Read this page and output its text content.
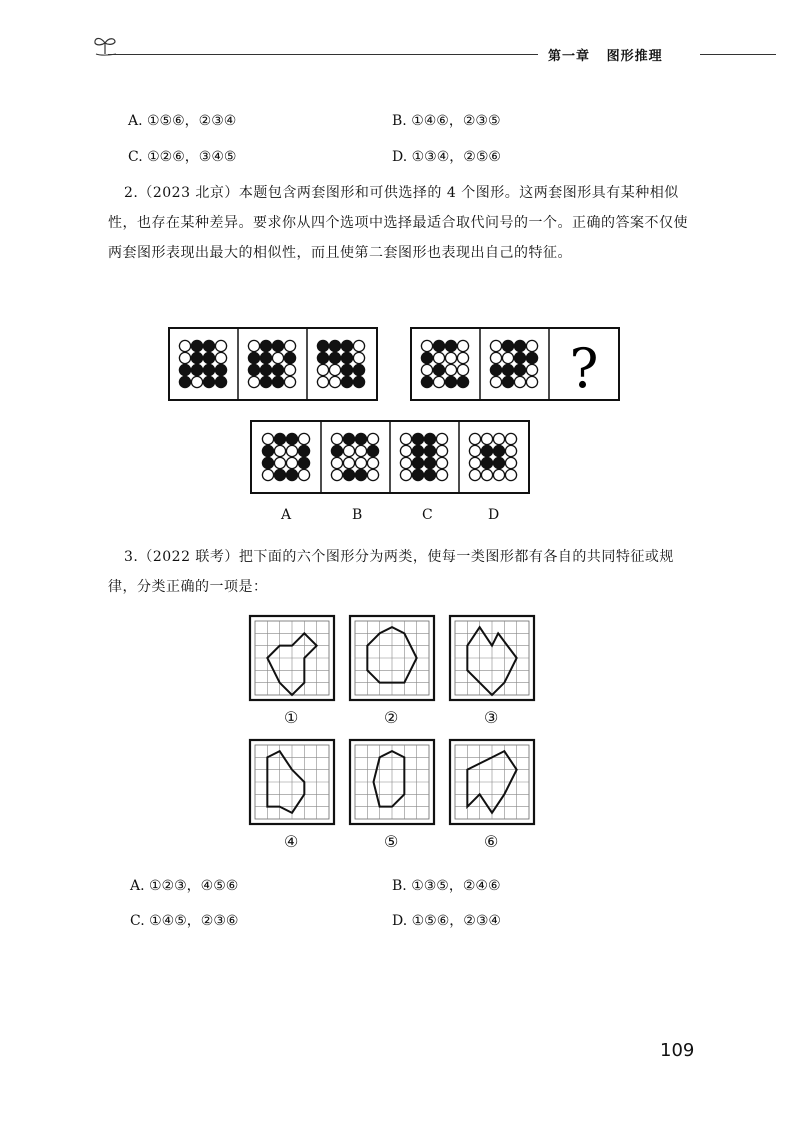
第一章 图形推理
A. ①⑤⑥，②③④	B. ①④⑥，②③⑤
C. ①②⑥，③④⑤	D. ①③④，②⑤⑥

2.（2023 北京）本题包含两套图形和可供选择的 4 个图形。这两套图形具有某种相似性，也存在某种差异。要求你从四个选项中选择最适合取代问号的一个。正确的答案不仅使两套图形表现出最大的相似性，而且使第二套图形也表现出自己的特征。

?
A	B	C	D

3.（2022 联考）把下面的六个图形分为两类，使每一类图形都有各自的共同特征或规律，分类正确的一项是：

①	②	③
④	⑤	⑥
A. ①②③，④⑤⑥	B. ①③⑤，②④⑥
C. ①④⑤，②③⑥	D. ①⑤⑥，②③④
109
